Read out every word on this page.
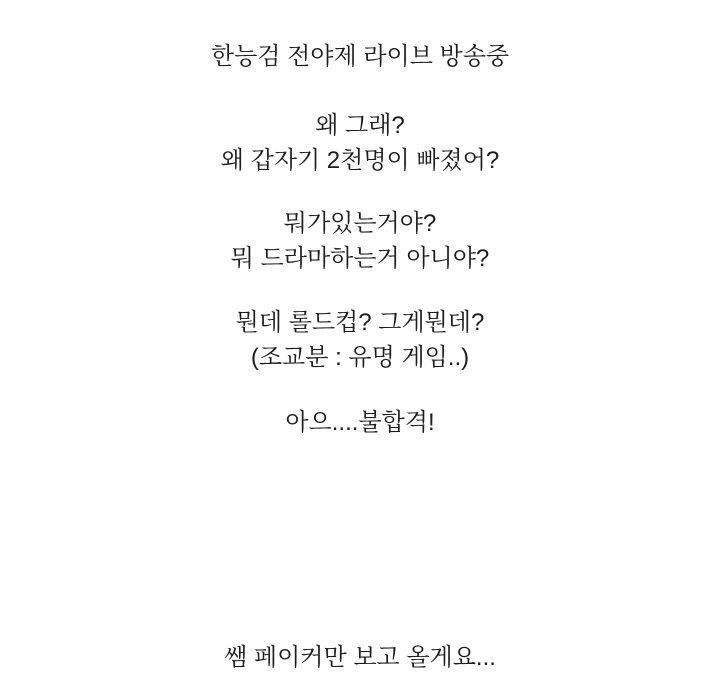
한능검 전야제 라이브 방송중
왜 그래?
왜 갑자기 2천명이 빠졌어?
뭐가있는거야?
뭐 드라마하는거 아니야?
뭔데 롤드컵? 그게뭔데?
(조교분 : 유명 게임..)
아으....불합격!
쌤 페이커만 보고 올게요...
